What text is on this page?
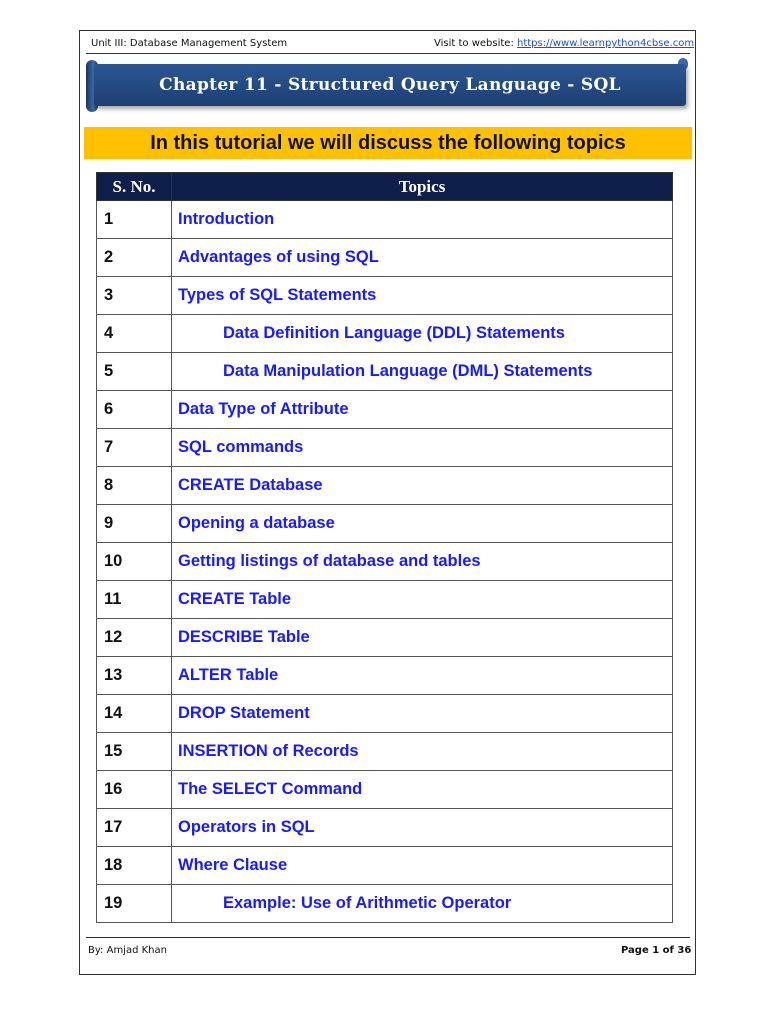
Unit III: Database Management System	Visit to website: https://www.learnpython4cbse.com
Chapter 11 - Structured Query Language - SQL
In this tutorial we will discuss the following topics
S. No.	Topics
1	Introduction
2	Advantages of using SQL
3	Types of SQL Statements
4	Data Definition Language (DDL) Statements
5	Data Manipulation Language (DML) Statements
6	Data Type of Attribute
7	SQL commands
8	CREATE Database
9	Opening a database
10	Getting listings of database and tables
11	CREATE Table
12	DESCRIBE Table
13	ALTER Table
14	DROP Statement
15	INSERTION of Records
16	The SELECT Command
17	Operators in SQL
18	Where Clause
19	Example: Use of Arithmetic Operator
By: Amjad Khan	Page 1 of 36
